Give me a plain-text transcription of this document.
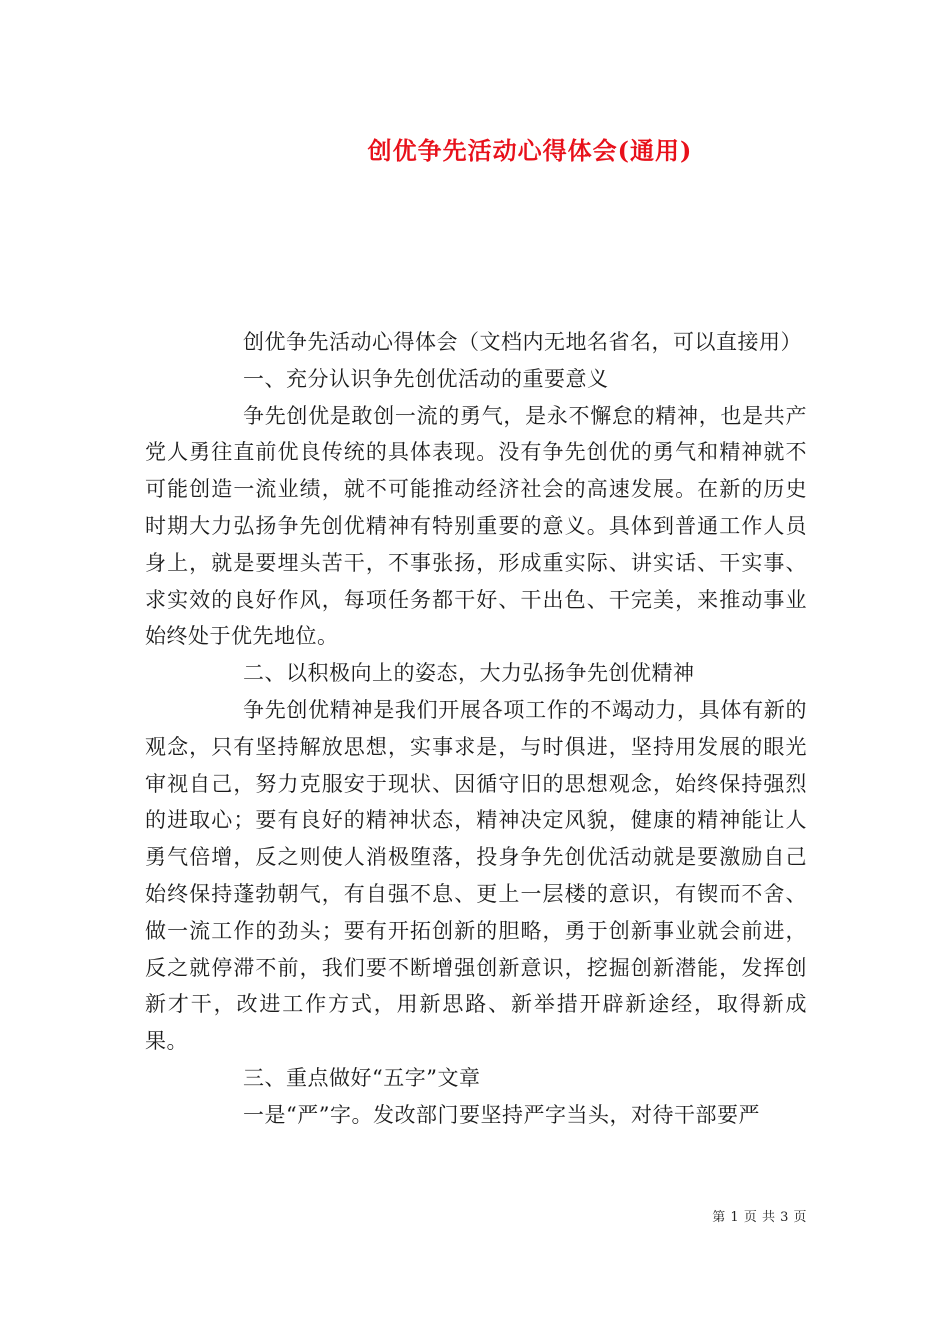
创优争先活动心得体会(通用)

创优争先活动心得体会（文档内无地名省名，可以直接用）

一、充分认识争先创优活动的重要意义

争先创优是敢创一流的勇气，是永不懈怠的精神，也是共产党人勇往直前优良传统的具体表现。没有争先创优的勇气和精神就不可能创造一流业绩，就不可能推动经济社会的高速发展。在新的历史时期大力弘扬争先创优精神有特别重要的意义。具体到普通工作人员身上，就是要埋头苦干，不事张扬，形成重实际、讲实话、干实事、求实效的良好作风，每项任务都干好、干出色、干完美，来推动事业始终处于优先地位。

二、以积极向上的姿态，大力弘扬争先创优精神

争先创优精神是我们开展各项工作的不竭动力，具体有新的观念，只有坚持解放思想，实事求是，与时俱进，坚持用发展的眼光审视自己，努力克服安于现状、因循守旧的思想观念，始终保持强烈的进取心；要有良好的精神状态，精神决定风貌，健康的精神能让人勇气倍增，反之则使人消极堕落，投身争先创优活动就是要激励自己始终保持蓬勃朝气，有自强不息、更上一层楼的意识，有锲而不舍、做一流工作的劲头；要有开拓创新的胆略，勇于创新事业就会前进，反之就停滞不前，我们要不断增强创新意识，挖掘创新潜能，发挥创新才干，改进工作方式，用新思路、新举措开辟新途经，取得新成果。

三、重点做好“五字”文章

一是“严”字。发改部门要坚持严字当头，对待干部要严

第 1 页 共 3 页
